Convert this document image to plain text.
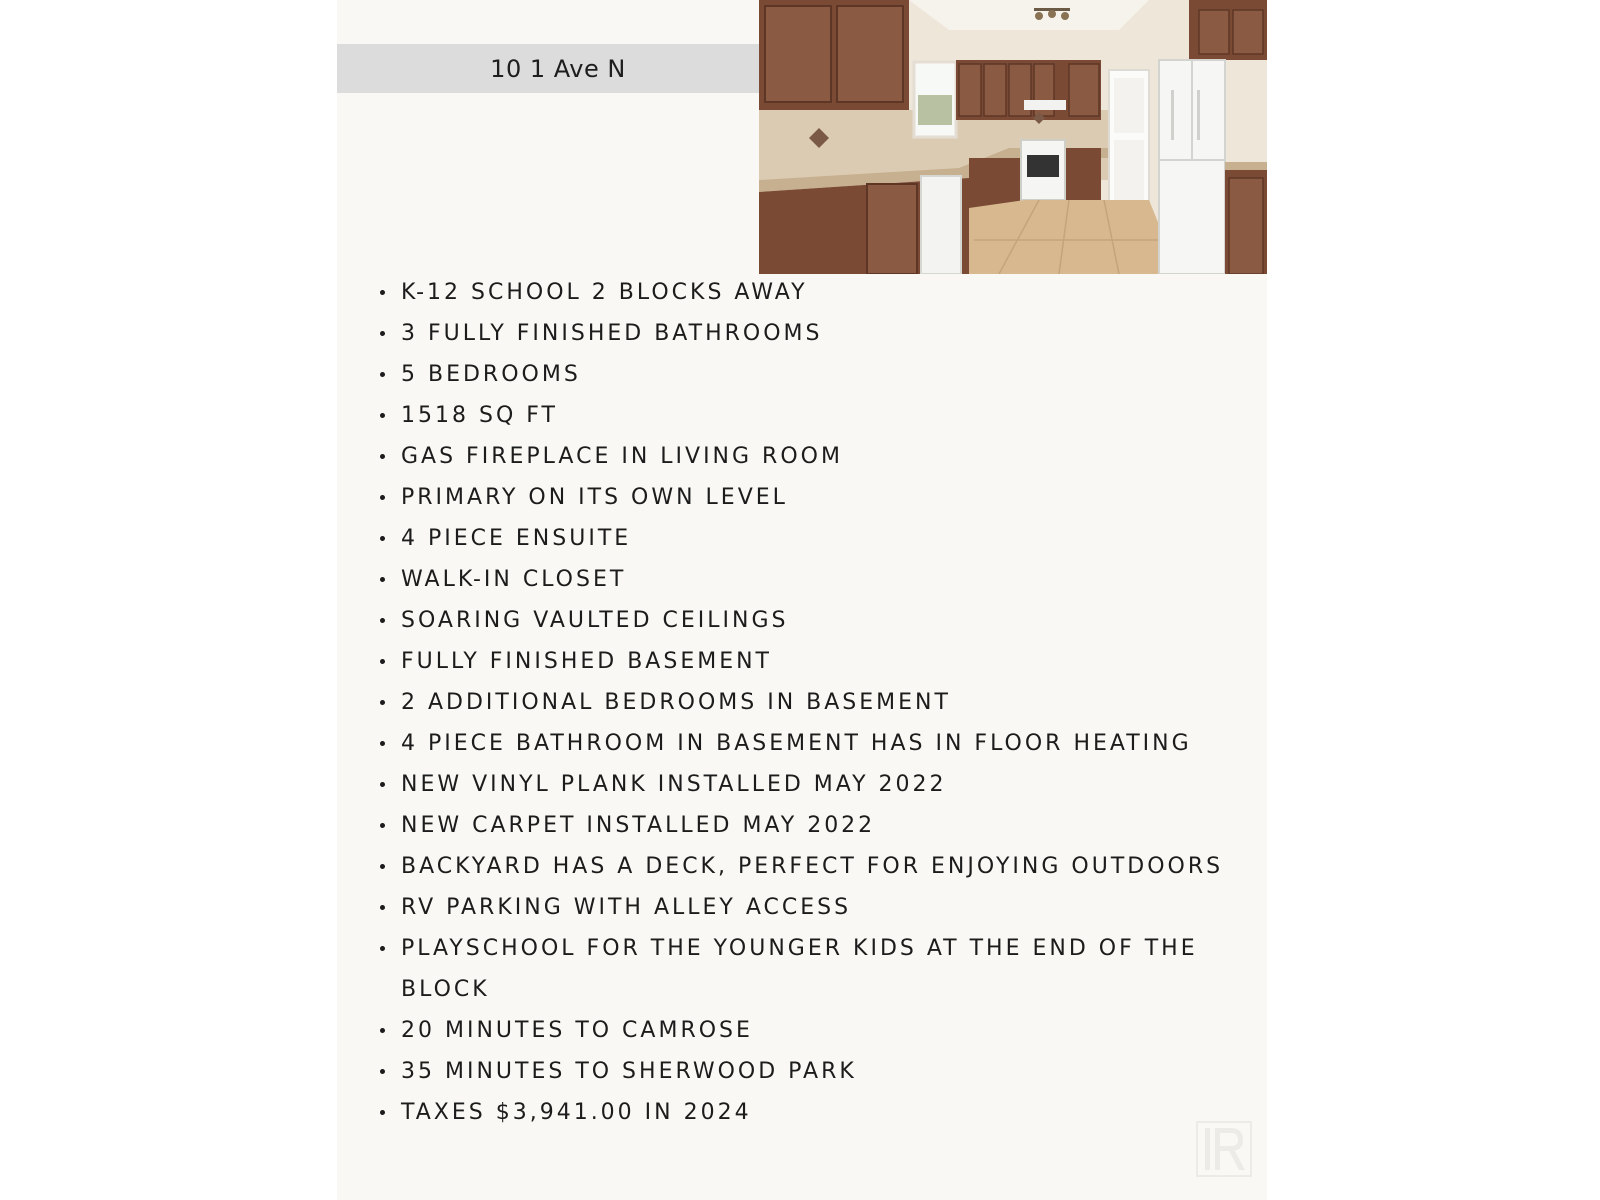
10 1 Ave N
K-12 SCHOOL 2 BLOCKS AWAY
3 FULLY FINISHED BATHROOMS
5 BEDROOMS
1518 SQ FT
GAS FIREPLACE IN LIVING ROOM
PRIMARY ON ITS OWN LEVEL
4 PIECE ENSUITE
WALK-IN CLOSET
SOARING VAULTED CEILINGS
FULLY FINISHED BASEMENT
2 ADDITIONAL BEDROOMS IN BASEMENT
4 PIECE BATHROOM IN BASEMENT HAS IN FLOOR HEATING
NEW VINYL PLANK INSTALLED MAY 2022
NEW CARPET INSTALLED MAY 2022
BACKYARD HAS A DECK, PERFECT FOR ENJOYING OUTDOORS
RV PARKING WITH ALLEY ACCESS
PLAYSCHOOL FOR THE YOUNGER KIDS AT THE END OF THE BLOCK
20 MINUTES TO CAMROSE
35 MINUTES TO SHERWOOD PARK
TAXES $3,941.00 IN 2024
